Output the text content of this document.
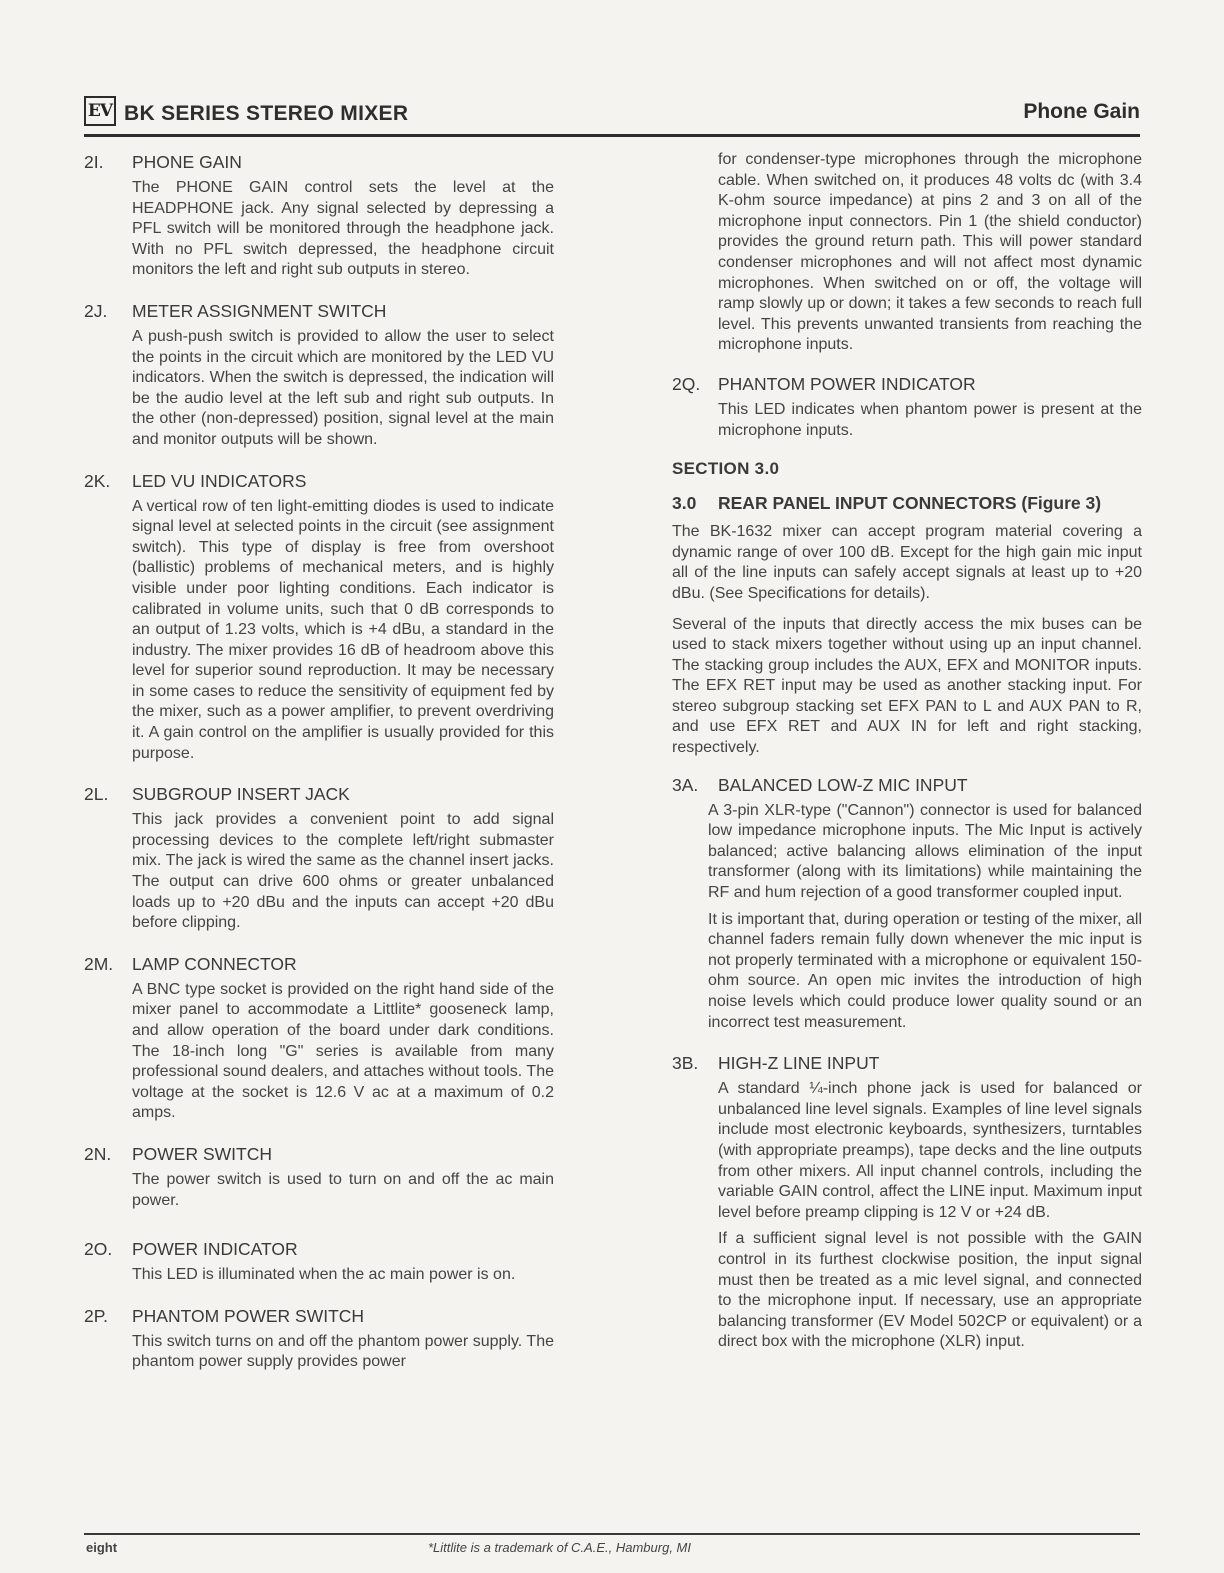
EV BK SERIES STEREO MIXER	Phone Gain
2I.	PHONE GAIN

The PHONE GAIN control sets the level at the HEADPHONE jack. Any signal selected by depressing a PFL switch will be monitored through the headphone jack. With no PFL switch depressed, the headphone circuit monitors the left and right sub outputs in stereo.

2J.	METER ASSIGNMENT SWITCH

A push-push switch is provided to allow the user to select the points in the circuit which are monitored by the LED VU indicators. When the switch is depressed, the indication will be the audio level at the left sub and right sub outputs. In the other (non-depressed) position, signal level at the main and monitor outputs will be shown.

2K.	LED VU INDICATORS

A vertical row of ten light-emitting diodes is used to indicate signal level at selected points in the circuit (see assignment switch). This type of display is free from overshoot (ballistic) problems of mechanical meters, and is highly visible under poor lighting conditions. Each indicator is calibrated in volume units, such that 0 dB corresponds to an output of 1.23 volts, which is +4 dBu, a standard in the industry. The mixer provides 16 dB of headroom above this level for superior sound reproduction. It may be necessary in some cases to reduce the sensitivity of equipment fed by the mixer, such as a power amplifier, to prevent overdriving it. A gain control on the amplifier is usually provided for this purpose.

2L.	SUBGROUP INSERT JACK

This jack provides a convenient point to add signal processing devices to the complete left/right submaster mix. The jack is wired the same as the channel insert jacks. The output can drive 600 ohms or greater unbalanced loads up to +20 dBu and the inputs can accept +20 dBu before clipping.

2M.	LAMP CONNECTOR

A BNC type socket is provided on the right hand side of the mixer panel to accommodate a Littlite* gooseneck lamp, and allow operation of the board under dark conditions. The 18-inch long "G" series is available from many professional sound dealers, and attaches without tools. The voltage at the socket is 12.6 V ac at a maximum of 0.2 amps.

2N.	POWER SWITCH

The power switch is used to turn on and off the ac main power.

2O.	POWER INDICATOR

This LED is illuminated when the ac main power is on.

2P.	PHANTOM POWER SWITCH

This switch turns on and off the phantom power supply. The phantom power supply provides power

for condenser-type microphones through the microphone cable. When switched on, it produces 48 volts dc (with 3.4 K-ohm source impedance) at pins 2 and 3 on all of the microphone input connectors. Pin 1 (the shield conductor) provides the ground return path. This will power standard condenser microphones and will not affect most dynamic microphones. When switched on or off, the voltage will ramp slowly up or down; it takes a few seconds to reach full level. This prevents unwanted transients from reaching the microphone inputs.

2Q.	PHANTOM POWER INDICATOR

This LED indicates when phantom power is present at the microphone inputs.

SECTION 3.0
3.0	REAR PANEL INPUT CONNECTORS (Figure 3)

The BK-1632 mixer can accept program material covering a dynamic range of over 100 dB. Except for the high gain mic input all of the line inputs can safely accept signals at least up to +20 dBu. (See Specifications for details).

Several of the inputs that directly access the mix buses can be used to stack mixers together without using up an input channel. The stacking group includes the AUX, EFX and MONITOR inputs. The EFX RET input may be used as another stacking input. For stereo subgroup stacking set EFX PAN to L and AUX PAN to R, and use EFX RET and AUX IN for left and right stacking, respectively.

3A.	BALANCED LOW-Z MIC INPUT

A 3-pin XLR-type ("Cannon") connector is used for balanced low impedance microphone inputs. The Mic Input is actively balanced; active balancing allows elimination of the input transformer (along with its limitations) while maintaining the RF and hum rejection of a good transformer coupled input.

It is important that, during operation or testing of the mixer, all channel faders remain fully down whenever the mic input is not properly terminated with a microphone or equivalent 150-ohm source. An open mic invites the introduction of high noise levels which could produce lower quality sound or an incorrect test measurement.

3B.	HIGH-Z LINE INPUT

A standard ¼-inch phone jack is used for balanced or unbalanced line level signals. Examples of line level signals include most electronic keyboards, synthesizers, turntables (with appropriate preamps), tape decks and the line outputs from other mixers. All input channel controls, including the variable GAIN control, affect the LINE input. Maximum input level before preamp clipping is 12 V or +24 dB.

If a sufficient signal level is not possible with the GAIN control in its furthest clockwise position, the input signal must then be treated as a mic level signal, and connected to the microphone input. If necessary, use an appropriate balancing transformer (EV Model 502CP or equivalent) or a direct box with the microphone (XLR) input.

eight	*Littlite is a trademark of C.A.E., Hamburg, MI
